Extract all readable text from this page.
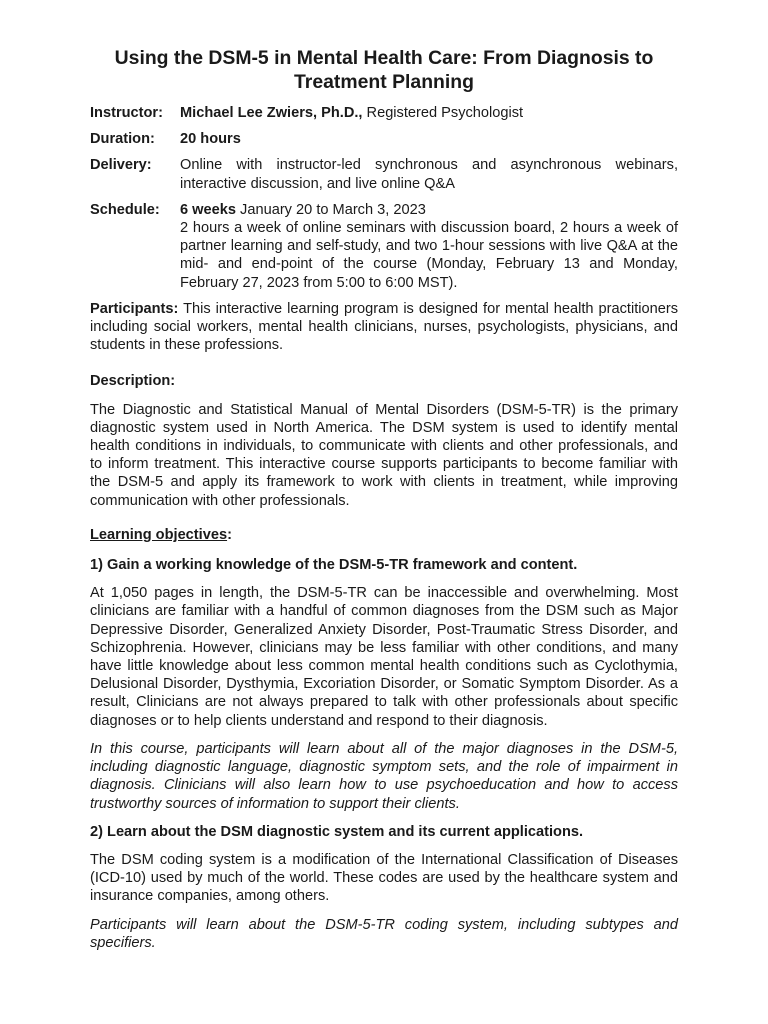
Using the DSM-5 in Mental Health Care: From Diagnosis to Treatment Planning
Instructor:	Michael Lee Zwiers, Ph.D., Registered Psychologist
Duration:	20 hours
Delivery:	Online with instructor-led synchronous and asynchronous webinars, interactive discussion, and live online Q&A
Schedule:	6 weeks January 20 to March 3, 2023
2 hours a week of online seminars with discussion board, 2 hours a week of partner learning and self-study, and two 1-hour sessions with live Q&A at the mid- and end-point of the course (Monday, February 13 and Monday, February 27, 2023 from 5:00 to 6:00 MST).

Participants: This interactive learning program is designed for mental health practitioners including social workers, mental health clinicians, nurses, psychologists, physicians, and students in these professions.

Description:

The Diagnostic and Statistical Manual of Mental Disorders (DSM-5-TR) is the primary diagnostic system used in North America. The DSM system is used to identify mental health conditions in individuals, to communicate with clients and other professionals, and to inform treatment. This interactive course supports participants to become familiar with the DSM-5 and apply its framework to work with clients in treatment, while improving communication with other professionals.

Learning objectives:
1) Gain a working knowledge of the DSM-5-TR framework and content.

At 1,050 pages in length, the DSM-5-TR can be inaccessible and overwhelming. Most clinicians are familiar with a handful of common diagnoses from the DSM such as Major Depressive Disorder, Generalized Anxiety Disorder, Post-Traumatic Stress Disorder, and Schizophrenia. However, clinicians may be less familiar with other conditions, and many have little knowledge about less common mental health conditions such as Cyclothymia, Delusional Disorder, Dysthymia, Excoriation Disorder, or Somatic Symptom Disorder. As a result, Clinicians are not always prepared to talk with other professionals about specific diagnoses or to help clients understand and respond to their diagnosis.

In this course, participants will learn about all of the major diagnoses in the DSM-5, including diagnostic language, diagnostic symptom sets, and the role of impairment in diagnosis. Clinicians will also learn how to use psychoeducation and how to access trustworthy sources of information to support their clients.

2) Learn about the DSM diagnostic system and its current applications.

The DSM coding system is a modification of the International Classification of Diseases (ICD-10) used by much of the world. These codes are used by the healthcare system and insurance companies, among others.

Participants will learn about the DSM-5-TR coding system, including subtypes and specifiers.
